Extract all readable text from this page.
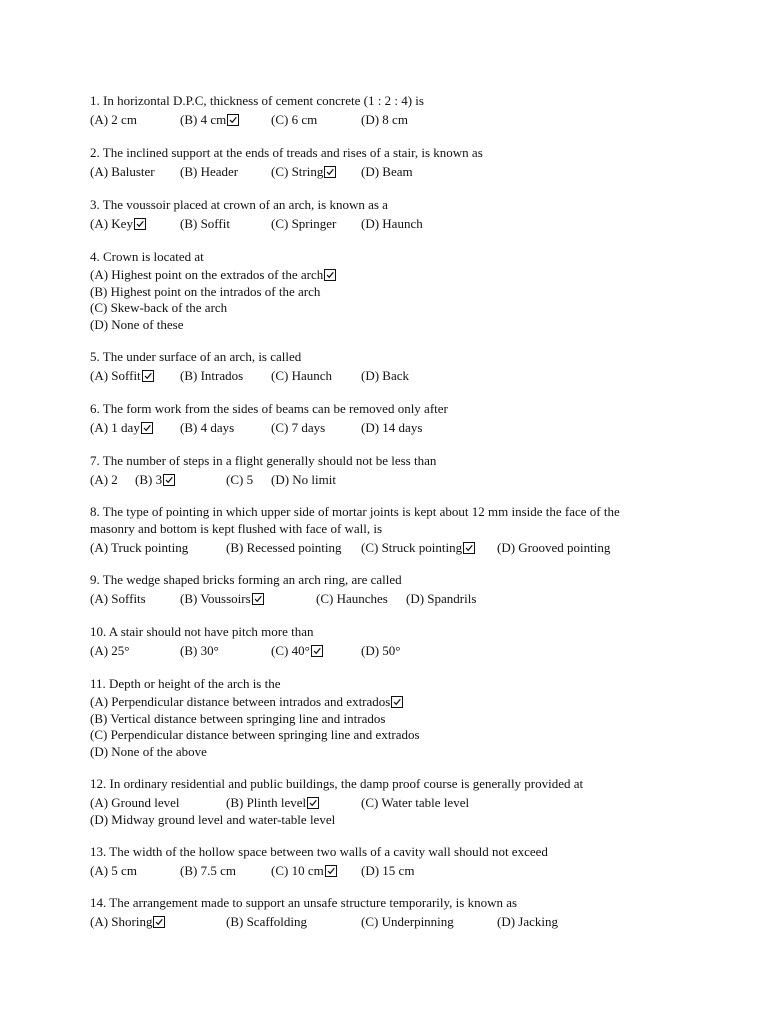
1. In horizontal D.P.C, thickness of cement concrete (1 : 2 : 4) is
(A) 2 cm	(B) 4 cm	(C) 6 cm	(D) 8 cm
2. The inclined support at the ends of treads and rises of a stair, is known as
(A) Baluster (B) Header	(C) String	(D) Beam
3. The voussoir placed at crown of an arch, is known as a
(A) Key	(B) Soffit	(C) Springer (D) Haunch
4. Crown is located at
(A) Highest point on the extrados of the arch
(B) Highest point on the intrados of the arch
(C) Skew-back of the arch
(D) None of these
5. The under surface of an arch, is called
(A) Soffit	(B) Intrados (C) Haunch (D) Back
6. The form work from the sides of beams can be removed only after
(A) 1 day	(B) 4 days	(C) 7 days	(D) 14 days
7. The number of steps in a flight generally should not be less than
(A) 2 (B) 3	(C) 5 (D) No limit
8. The type of pointing in which upper side of mortar joints is kept about 12 mm inside the face of the
masonry and bottom is kept flushed with face of wall, is
(A) Truck pointing	(B) Recessed pointing (C) Struck pointing	(D) Grooved pointing
9. The wedge shaped bricks forming an arch ring, are called
(A) Soffits	(B) Voussoirs	(C) Haunches (D) Spandrils
10. A stair should not have pitch more than
(A) 25°	(B) 30°	(C) 40°	(D) 50°
11. Depth or height of the arch is the
(A) Perpendicular distance between intrados and extrados
(B) Vertical distance between springing line and intrados
(C) Perpendicular distance between springing line and extrados
(D) None of the above
12. In ordinary residential and public buildings, the damp proof course is generally provided at
(A) Ground level	(B) Plinth level	(C) Water table level
(D) Midway ground level and water-table level
13. The width of the hollow space between two walls of a cavity wall should not exceed
(A) 5 cm	(B) 7.5 cm	(C) 10 cm	(D) 15 cm
14. The arrangement made to support an unsafe structure temporarily, is known as
(A) Shoring	(B) Scaffolding	(C) Underpinning	(D) Jacking
